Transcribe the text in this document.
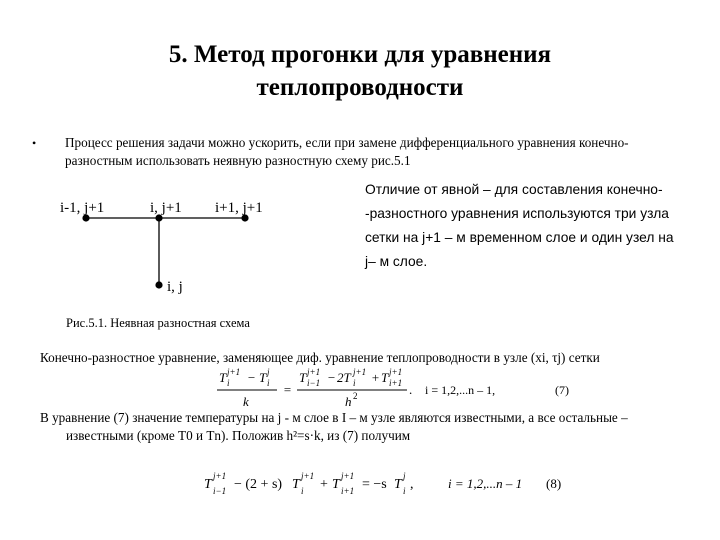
5. Метод прогонки для уравнения
теплопроводности
• Процесс решения задачи можно ускорить, если при замене дифференциального уравнения конечно-
разностным использовать неявную разностную схему рис.5.1
i-1, j+1	i, j+1 i+1, j+1
i, j
Рис.5.1. Неявная разностная схема
Отличие от явной – для составления конечно-
-разностного уравнения используются три узла
сетки на j+1 – м временном слое и один узел на
j– м слое.
Конечно-разностное уравнение, заменяющее диф. уравнение теплопроводности в узле (xi, τj) сетки
T j+1
i − T j
i
k
=
T j+1
i−1 − 2T j+1
i + T j+1
i+1
h 2	. i = 1,2,...n – 1,	(7)
В уравнение (7) значение температуры на j - м слое в I – м узле являются известными, а все остальные –
известными (кроме T0 и Tn). Положив h²=s·k, из (7) получим
T
j+1
i−1 − (2 + s) T
j+1
i + T
j+1
i+1 = −s T
j
i ,	i = 1,2,...n – 1 (8)
